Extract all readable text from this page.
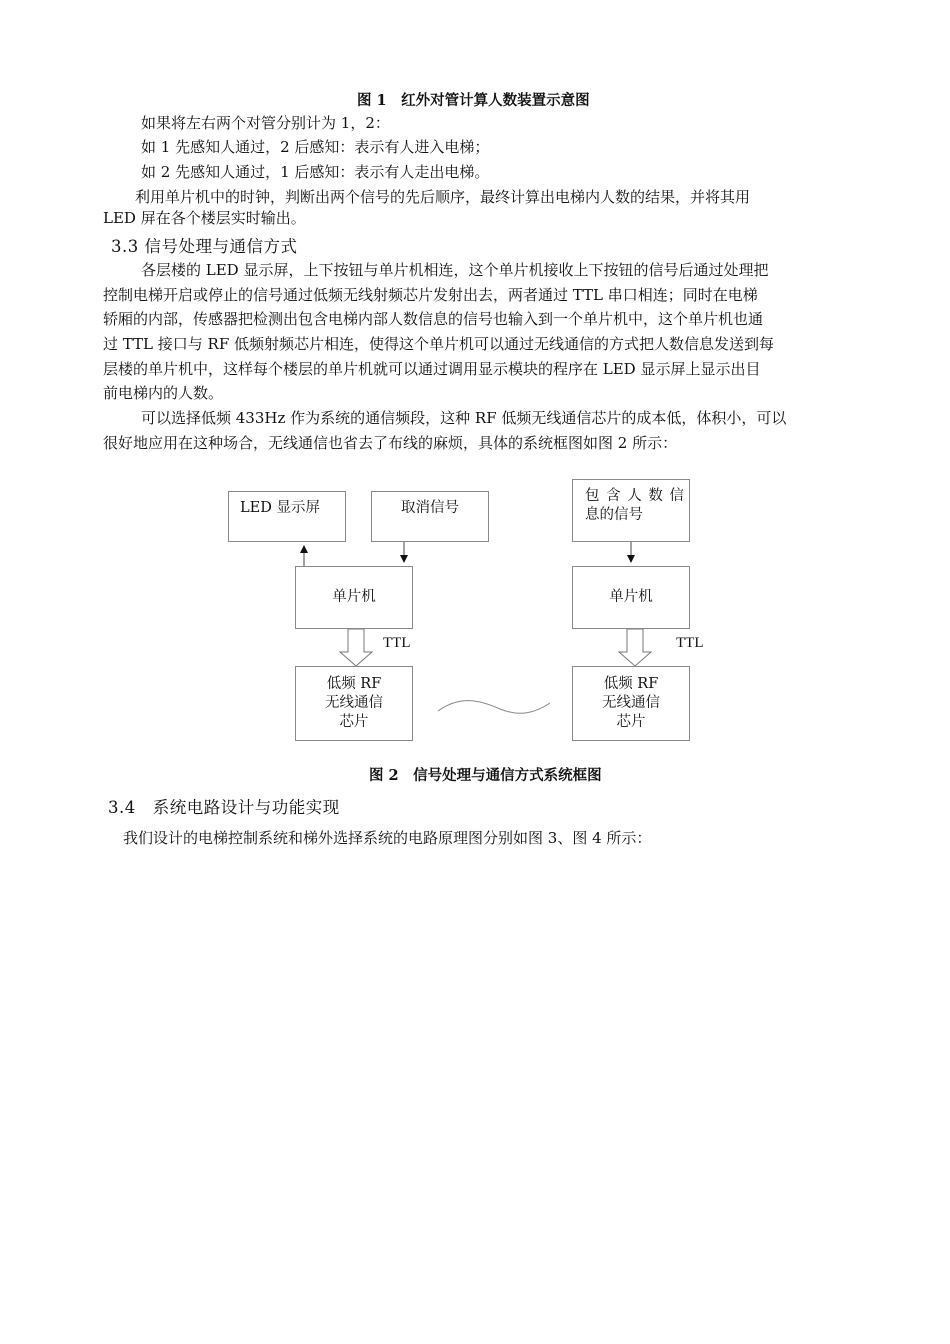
图 1　红外对管计算人数装置示意图
如果将左右两个对管分别计为 1，2：
如 1 先感知人通过，2 后感知：表示有人进入电梯；
如 2 先感知人通过，1 后感知：表示有人走出电梯。
利用单片机中的时钟，判断出两个信号的先后顺序，最终计算出电梯内人数的结果，并将其用
LED 屏在各个楼层实时输出。
3.3 信号处理与通信方式
各层楼的 LED 显示屏，上下按钮与单片机相连，这个单片机接收上下按钮的信号后通过处理把
控制电梯开启或停止的信号通过低频无线射频芯片发射出去，两者通过 TTL 串口相连；同时在电梯
轿厢的内部，传感器把检测出包含电梯内部人数信息的信号也输入到一个单片机中，这个单片机也通
过 TTL 接口与 RF 低频射频芯片相连，使得这个单片机可以通过无线通信的方式把人数信息发送到每
层楼的单片机中，这样每个楼层的单片机就可以通过调用显示模块的程序在 LED 显示屏上显示出目
前电梯内的人数。
可以选择低频 433Hz 作为系统的通信频段，这种 RF 低频无线通信芯片的成本低，体积小，可以
很好地应用在这种场合，无线通信也省去了布线的麻烦，具体的系统框图如图 2 所示：
LED 显示屏	取消信号
包 含 人 数 信
息的信号
单片机	单片机
TTL	TTL
低频 RF
无线通信
芯片
低频 RF
无线通信
芯片
图 2　信号处理与通信方式系统框图
3.4　系统电路设计与功能实现
我们设计的电梯控制系统和梯外选择系统的电路原理图分别如图 3、图 4 所示：
